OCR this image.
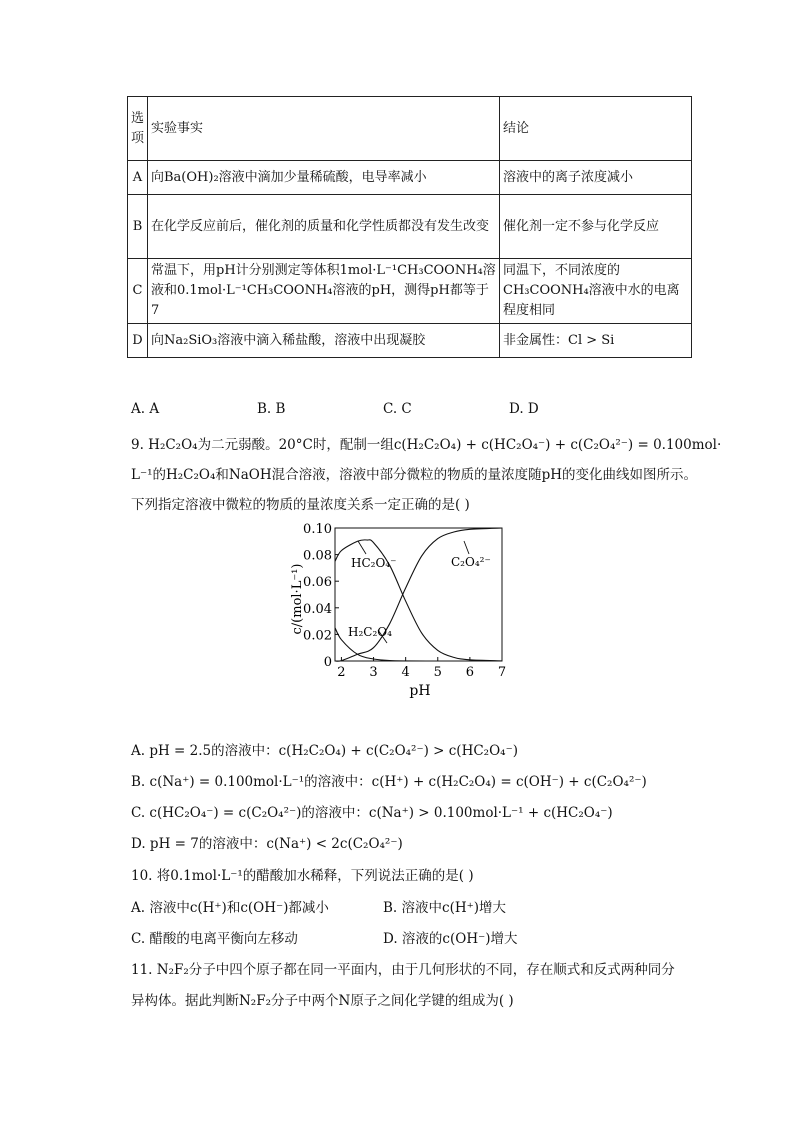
选项	实验事实	结论
A	向Ba(OH)₂溶液中滴加少量稀硫酸，电导率减小	溶液中的离子浓度减小
B	在化学反应前后，催化剂的质量和化学性质都没有发生改变	催化剂一定不参与化学反应
C	常温下，用pH计分别测定等体积1mol·L⁻¹CH₃COONH₄溶液和0.1mol·L⁻¹CH₃COONH₄溶液的pH，测得pH都等于7	同温下，不同浓度的CH₃COONH₄溶液中水的电离程度相同
D	向Na₂SiO₃溶液中滴入稀盐酸，溶液中出现凝胶	非金属性：Cl > Si
A. A	B. B	C. C	D. D
9. H₂C₂O₄为二元弱酸。20°C时，配制一组c(H₂C₂O₄) + c(HC₂O₄⁻) + c(C₂O₄²⁻) = 0.100mol·
L⁻¹的H₂C₂O₄和NaOH混合溶液，溶液中部分微粒的物质的量浓度随pH的变化曲线如图所示。
下列指定溶液中微粒的物质的量浓度关系一定正确的是( )
2 3 4 5 6 7
0
0.02
0.04
0.06
0.08
0.10
H₂C₂O₄
HC₂O₄⁻	C₂O₄²⁻
c/(mol·L⁻¹)
pH
A. pH = 2.5的溶液中：c(H₂C₂O₄) + c(C₂O₄²⁻) > c(HC₂O₄⁻)
B. c(Na⁺) = 0.100mol·L⁻¹的溶液中：c(H⁺) + c(H₂C₂O₄) = c(OH⁻) + c(C₂O₄²⁻)
C. c(HC₂O₄⁻) = c(C₂O₄²⁻)的溶液中：c(Na⁺) > 0.100mol·L⁻¹ + c(HC₂O₄⁻)
D. pH = 7的溶液中：c(Na⁺) < 2c(C₂O₄²⁻)
10. 将0.1mol·L⁻¹的醋酸加水稀释，下列说法正确的是( )
A. 溶液中c(H⁺)和c(OH⁻)都减小	B. 溶液中c(H⁺)增大
C. 醋酸的电离平衡向左移动	D. 溶液的c(OH⁻)增大
11. N₂F₂分子中四个原子都在同一平面内，由于几何形状的不同，存在顺式和反式两种同分
异构体。据此判断N₂F₂分子中两个N原子之间化学键的组成为( )
